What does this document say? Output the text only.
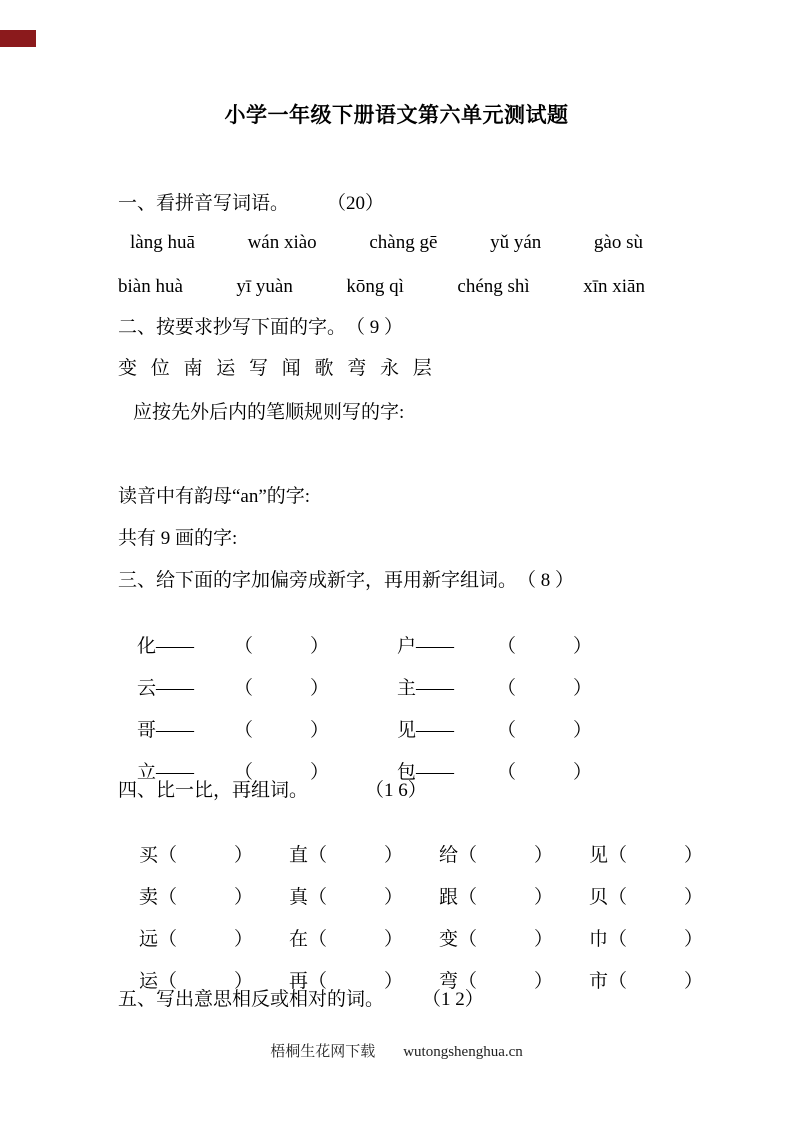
小学一年级下册语文第六单元测试题
一、看拼音写词语。　　　（20）
làng huā	wán xiào	chàng gē	yǔ yán	gào sù
biàn huà	yī yuàn	kōng qì	chéng shì	xīn xiān
二、按要求抄写下面的字。　（ 9 ）
变 位 南 运 写 闻 歌 弯 永 层
应按先外后内的笔顺规则写的字:
读音中有韵母“an”的字:
共有 9 画的字:
三、给下面的字加偏旁成新字，再用新字组词。　（ 8 ）

化—— （　　　）	户—— （　　　）

云—— （　　　）	主—— （　　　）

哥—— （　　　）	见—— （　　　）

立—— （　　　）	包—— （　　　）

四、比一比，再组词。　　　　（1 6）

买（　　　） 直（　　　） 给（　　　） 见（　　　）

卖（　　　） 真（　　　） 跟（　　　） 贝（　　　）

远（　　　） 在（　　　） 变（　　　） 巾（　　　）

运（　　　） 再（　　　） 弯（　　　） 市（　　　）

五、写出意思相反或相对的词。　　　（1 2）
梧桐生花网下载 wutongshenghua.cn
